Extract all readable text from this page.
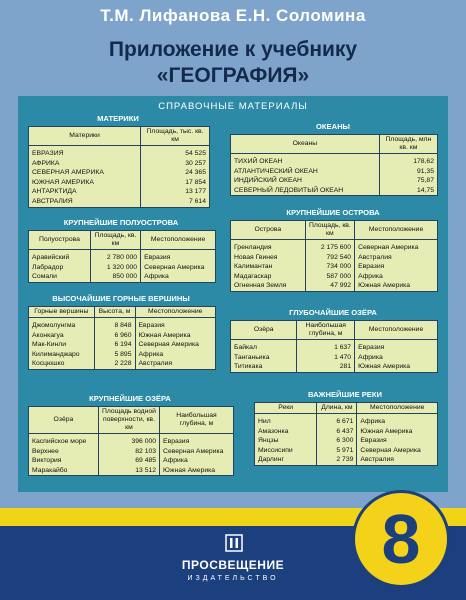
Т.М. Лифанова Е.Н. Соломина
Приложение к учебнику
«ГЕОГРАФИЯ»
СПРАВОЧНЫЕ МАТЕРИАЛЫ
МАТЕРИКИ
Материки	Площадь, тыс. кв. км
ЕВРАЗИЯ	54 525
АФРИКА	30 257
СЕВЕРНАЯ АМЕРИКА	24 365
ЮЖНАЯ АМЕРИКА	17 854
АНТАРКТИДА	13 177
АВСТРАЛИЯ	7 614
ОКЕАНЫ
Океаны	Площадь, млн кв. км
ТИХИЙ ОКЕАН	178,62
АТЛАНТИЧЕСКИЙ ОКЕАН	91,35
ИНДИЙСКИЙ ОКЕАН	75,87
СЕВЕРНЫЙ ЛЕДОВИТЫЙ ОКЕАН	14,75
КРУПНЕЙШИЕ ПОЛУОСТРОВА
Полуострова	Площадь, кв. км	Местоположение
Аравийский	2 780 000	Евразия
Лабрадор	1 320 000	Северная Америка
Сомали	850 000	Африка
КРУПНЕЙШИЕ ОСТРОВА
Острова	Площадь, кв. км	Местоположение
Гренландия	2 175 600	Северная Америка
Новая Гвинея	792 540	Австралия
Калимантан	734 000	Евразия
Мадагаскар	587 000	Африка
Огненная Земля	47 992	Южная Америка
ВЫСОЧАЙШИЕ ГОРНЫЕ ВЕРШИНЫ
Горные вершины	Высота, м	Местоположение
Джомолунгма	8 848	Евразия
Аконкагуа	6 960	Южная Америка
Мак-Кинли	6 194	Северная Америка
Килиманджаро	5 895	Африка
Косцюшко	2 228	Австралия
ГЛУБОЧАЙШИЕ ОЗЁРА
Озёра	Наибольшая глубина, м	Местоположение
Байкал	1 637	Евразия
Танганьика	1 470	Африка
Титикака	281	Южная Америка
КРУПНЕЙШИЕ ОЗЁРА
Озёра	Площадь водной поверхности, кв. км	Наибольшая глубина, м
Каспийское море	396 000	Евразия
Верхнее	82 103	Северная Америка
Виктория	69 485	Африка
Маракайбо	13 512	Южная Америка
ВАЖНЕЙШИЕ РЕКИ
Реки	Длина, км	Местоположение
Нил	6 671	Африка
Амазонка	6 437	Южная Америка
Янцзы	6 300	Евразия
Миссисипи	5 971	Северная Америка
Дарлинг	2 739	Австралия
ПРОСВЕЩЕНИЕ
ИЗДАТЕЛЬСТВО
8
